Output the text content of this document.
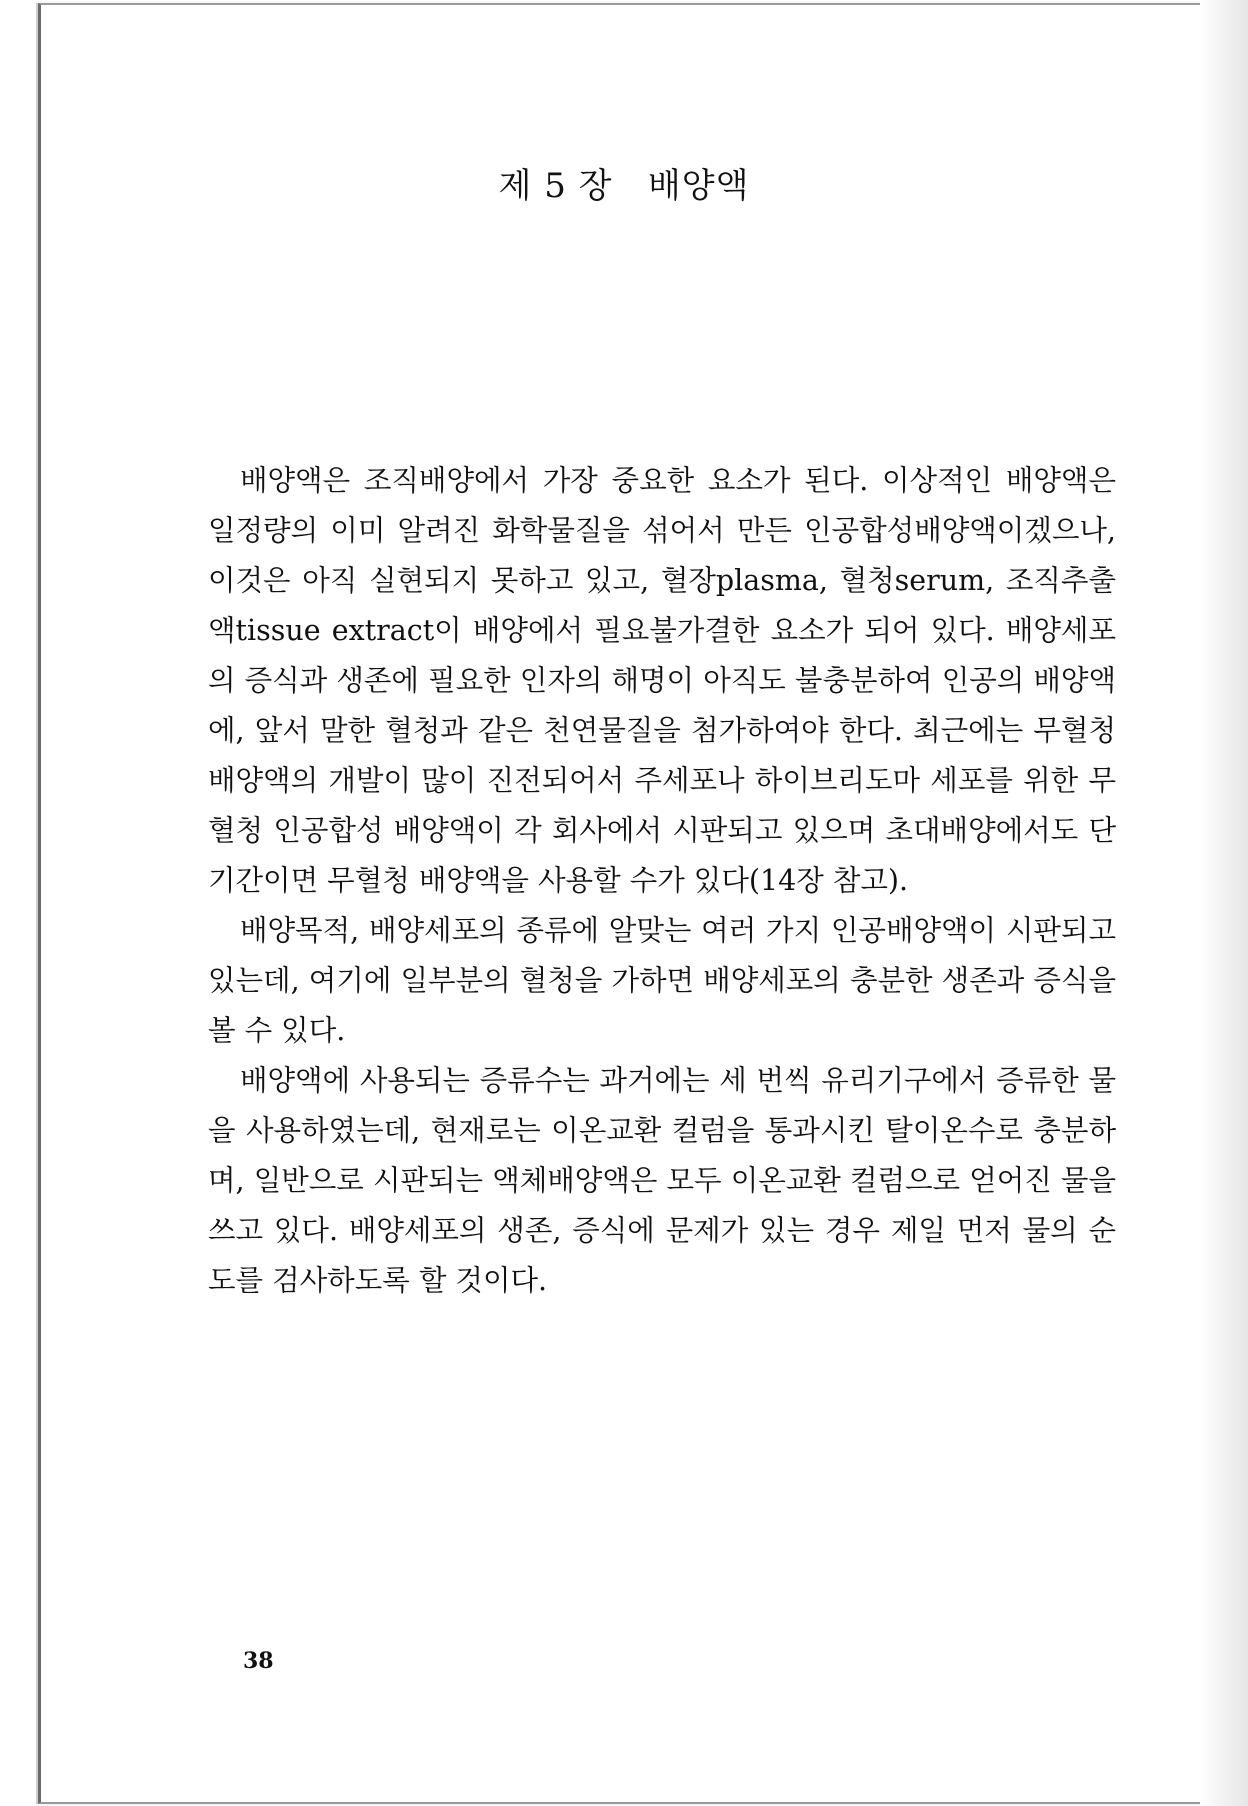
제 5 장   배양액

배양액은 조직배양에서 가장 중요한 요소가 된다. 이상적인 배양액은 일정량의 이미 알려진 화학물질을 섞어서 만든 인공합성배양액이겠으나, 이것은 아직 실현되지 못하고 있고, 혈장plasma, 혈청serum, 조직추출액tissue extract이 배양에서 필요불가결한 요소가 되어 있다. 배양세포의 증식과 생존에 필요한 인자의 해명이 아직도 불충분하여 인공의 배양액에, 앞서 말한 혈청과 같은 천연물질을 첨가하여야 한다. 최근에는 무혈청 배양액의 개발이 많이 진전되어서 주세포나 하이브리도마 세포를 위한 무혈청 인공합성 배양액이 각 회사에서 시판되고 있으며 초대배양에서도 단기간이면 무혈청 배양액을 사용할 수가 있다(14장 참고).

배양목적, 배양세포의 종류에 알맞는 여러 가지 인공배양액이 시판되고 있는데, 여기에 일부분의 혈청을 가하면 배양세포의 충분한 생존과 증식을 볼 수 있다.

배양액에 사용되는 증류수는 과거에는 세 번씩 유리기구에서 증류한 물을 사용하였는데, 현재로는 이온교환 컬럼을 통과시킨 탈이온수로 충분하며, 일반으로 시판되는 액체배양액은 모두 이온교환 컬럼으로 얻어진 물을 쓰고 있다. 배양세포의 생존, 증식에 문제가 있는 경우 제일 먼저 물의 순도를 검사하도록 할 것이다.

38
